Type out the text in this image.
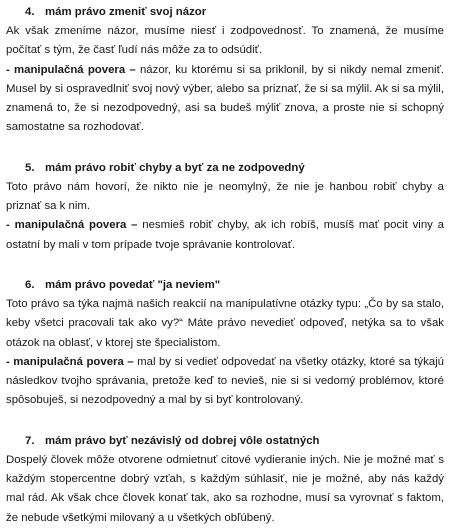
4. mám právo zmeniť svoj názor

Ak však zmeníme názor, musíme niesť i zodpovednosť. To znamená, že musíme počítať s tým, že časť ľudí nás môže za to odsúdiť.
- manipulačná povera – názor, ku ktorému si sa priklonil, by si nikdy nemal zmeniť. Musel by si ospravedlniť svoj nový výber, alebo sa priznať, že si sa mýlil. Ak si sa mýlil, znamená to, že si nezodpovedný, asi sa budeš mýliť znova, a proste nie si schopný samostatne sa rozhodovať.

5. mám právo robiť chyby a byť za ne zodpovedný

Toto právo nám hovorí, že nikto nie je neomylný, že nie je hanbou robiť chyby a priznať sa k nim.
- manipulačná povera – nesmieš robiť chyby, ak ich robíš, musíš mať pocit viny a ostatní by mali v tom prípade tvoje správanie kontrolovať.

6. mám právo povedať "ja neviem"

Toto právo sa týka najmä našich reakcií na manipulatívne otázky typu: „Čo by sa stalo, keby všetci pracovali tak ako vy?“ Máte právo nevedieť odpoveď, netýka sa to však otázok na oblasť, v ktorej ste špecialistom.
- manipulačná povera – mal by si vedieť odpovedať na všetky otázky, ktoré sa týkajú následkov tvojho správania, pretože keď to nevieš, nie si si vedomý problémov, ktoré spôsobuješ, si nezodpovedný a mal by si byť kontrolovaný.

7. mám právo byť nezávislý od dobrej vôle ostatných

Dospelý človek môže otvorene odmietnuť citové vydieranie iných. Nie je možné mať s každým stopercentne dobrý vzťah, s každým súhlasiť, nie je možné, aby nás každý mal rád. Ak však chce človek konať tak, ako sa rozhodne, musí sa vyrovnať s faktom, že nebude všetkými milovaný a u všetkých obľúbený.
